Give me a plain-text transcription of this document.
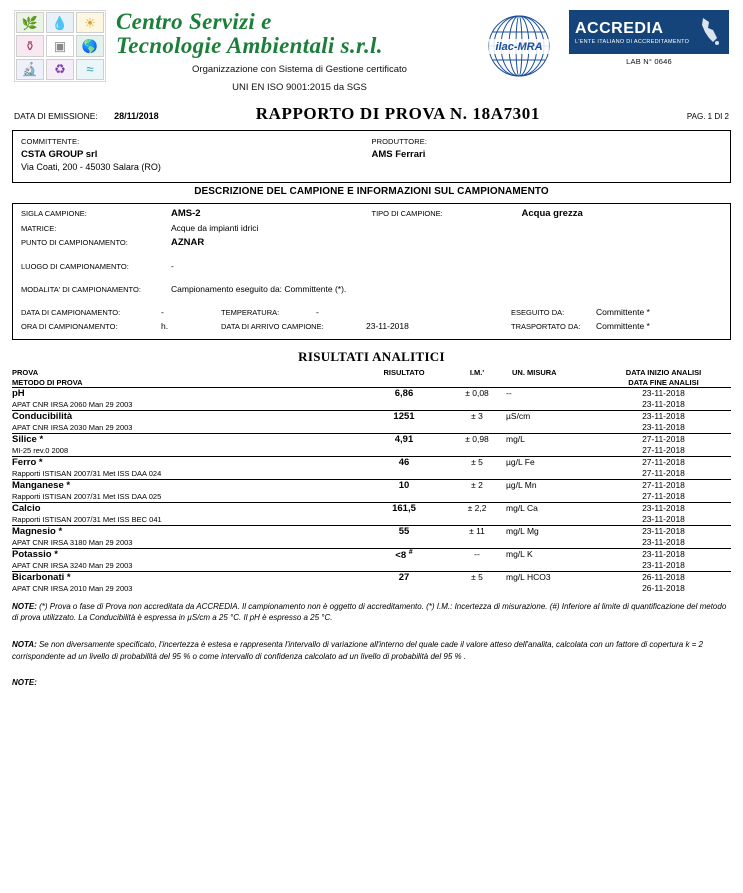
🌿 💧 ☀
⚱ ▣ 🌎
🔬 ♻ ≈
Centro Servizi e
Tecnologie Ambientali s.r.l.
Organizzazione con Sistema di Gestione certificato
UNI EN ISO 9001:2015 da SGS
ilac-MRA
ACCREDIA
L'ENTE ITALIANO DI ACCREDITAMENTO
LAB N° 0646
DATA DI EMISSIONE: 28/11/2018	RAPPORTO DI PROVA N. 18A7301	PAG. 1 DI 2
COMMITTENTE:
CSTA GROUP srl
Via Coati, 200 - 45030 Salara (RO)
PRODUTTORE:
AMS Ferrari
DESCRIZIONE DEL CAMPIONE E INFORMAZIONI SUL CAMPIONAMENTO
SIGLA CAMPIONE:	AMS-2
MATRICE:	Acque da impianti idrici
PUNTO DI CAMPIONAMENTO:	AZNAR
TIPO DI CAMPIONE:	Acqua grezza
LUOGO DI CAMPIONAMENTO:	-
MODALITA' DI CAMPIONAMENTO:	Campionamento eseguito da: Committente (*).
DATA DI CAMPIONAMENTO:	-
ORA DI CAMPIONAMENTO:	h.
TEMPERATURA:	-
DATA DI ARRIVO CAMPIONE:	23-11-2018
ESEGUITO DA:	Committente *
TRASPORTATO DA:	Committente *
RISULTATI ANALITICI
PROVA
METODO DI PROVA
	RISULTATO	I.M.'	UN. MISURA	DATA INIZIO ANALISI
DATA FINE ANALISI

pH
APAT CNR IRSA 2060 Man 29 2003
	6,86	± 0,08	--	23-11-2018
23-11-2018

Conducibilità
APAT CNR IRSA 2030 Man 29 2003
	1251	± 3	µS/cm	23-11-2018
23-11-2018

Silice *
MI-25 rev.0 2008
	4,91	± 0,98	mg/L	27-11-2018
27-11-2018

Ferro *
Rapporti ISTISAN 2007/31 Met ISS DAA 024
	46	± 5	µg/L Fe	27-11-2018
27-11-2018

Manganese *
Rapporti ISTISAN 2007/31 Met ISS DAA 025
	10	± 2	µg/L Mn	27-11-2018
27-11-2018

Calcio
Rapporti ISTISAN 2007/31 Met ISS BEC 041
	161,5	± 2,2	mg/L Ca	23-11-2018
23-11-2018

Magnesio *
APAT CNR IRSA 3180 Man 29 2003
	55	± 11	mg/L Mg	23-11-2018
23-11-2018

Potassio *
APAT CNR IRSA 3240 Man 29 2003
	<8 #	--	mg/L K	23-11-2018
23-11-2018

Bicarbonati *
APAT CNR IRSA 2010 Man 29 2003
	27	± 5	mg/L HCO3	26-11-2018
26-11-2018
NOTE: (*) Prova o fase di Prova non accreditata da ACCREDIA. Il campionamento non è oggetto di accreditamento. (*) I.M.: Incertezza di misurazione. (#) Inferiore al limite di quantificazione del metodo di prova utilizzato. La Conducibilità è espressa in µS/cm a 25 °C. Il pH è espresso a 25 °C.
NOTA: Se non diversamente specificato, l'incertezza è estesa e rappresenta l'intervallo di variazione all'interno del quale cade il valore atteso dell'analita, calcolata con un fattore di copertura k = 2 corrispondente ad un livello di probabilità del 95 % o come intervallo di confidenza calcolato ad un livello di probabilità del 95 % .
NOTE:
